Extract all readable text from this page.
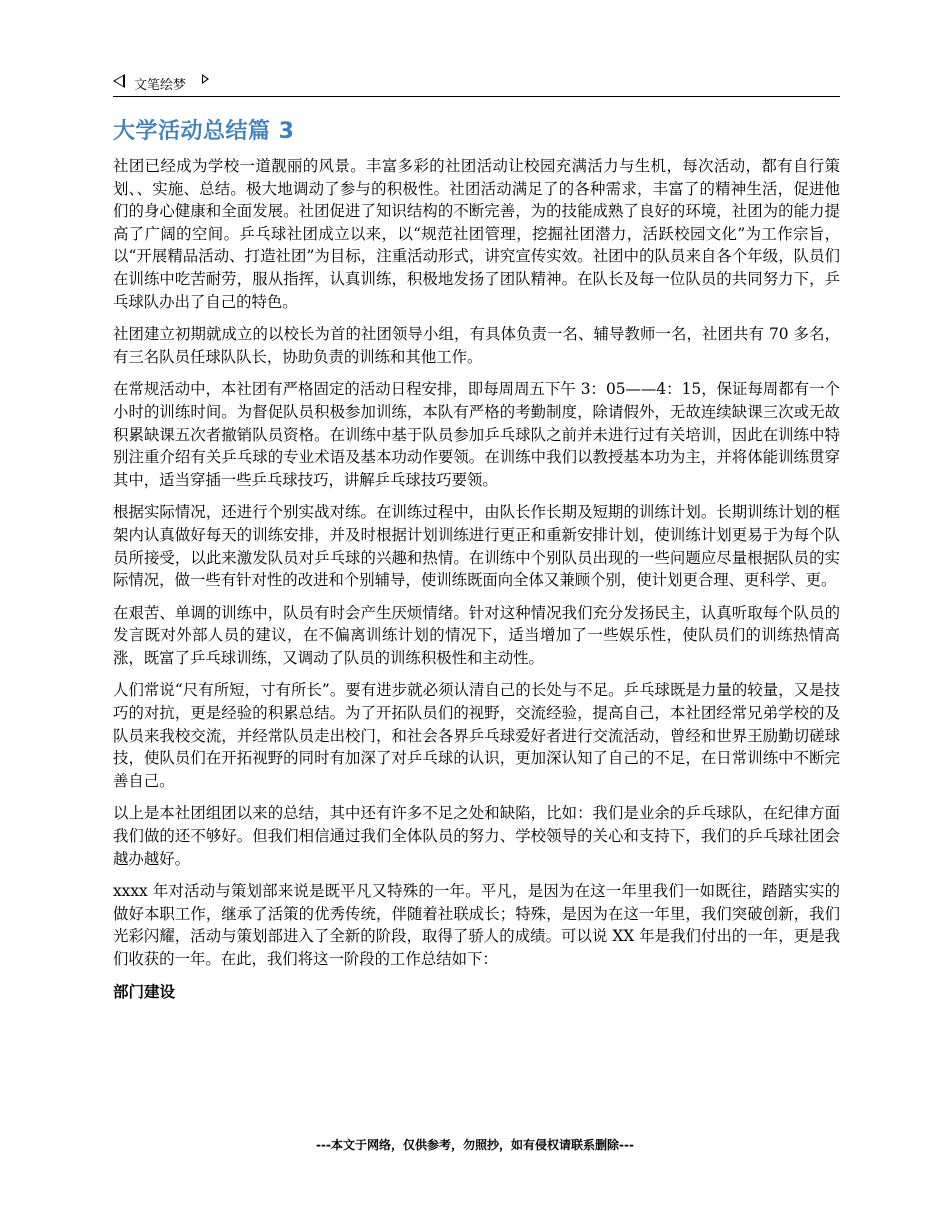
文笔绘梦
大学活动总结篇 3

社团已经成为学校一道靓丽的风景。丰富多彩的社团活动让校园充满活力与生机，每次活动，都有自行策划、、实施、总结。极大地调动了参与的积极性。社团活动满足了的各种需求，丰富了的精神生活，促进他们的身心健康和全面发展。社团促进了知识结构的不断完善，为的技能成熟了良好的环境，社团为的能力提高了广阔的空间。乒乓球社团成立以来，以“规范社团管理，挖掘社团潜力，活跃校园文化”为工作宗旨，以“开展精品活动、打造社团”为目标，注重活动形式，讲究宣传实效。社团中的队员来自各个年级，队员们在训练中吃苦耐劳，服从指挥，认真训练，积极地发扬了团队精神。在队长及每一位队员的共同努力下，乒乓球队办出了自己的特色。

社团建立初期就成立的以校长为首的社团领导小组，有具体负责一名、辅导教师一名，社团共有 70 多名，有三名队员任球队队长，协助负责的训练和其他工作。

在常规活动中，本社团有严格固定的活动日程安排，即每周周五下午 3：05——4：15，保证每周都有一个小时的训练时间。为督促队员积极参加训练，本队有严格的考勤制度，除请假外，无故连续缺课三次或无故积累缺课五次者撤销队员资格。在训练中基于队员参加乒乓球队之前并未进行过有关培训，因此在训练中特别注重介绍有关乒乓球的专业术语及基本功动作要领。在训练中我们以教授基本功为主，并将体能训练贯穿其中，适当穿插一些乒乓球技巧，讲解乒乓球技巧要领。

根据实际情况，还进行个别实战对练。在训练过程中，由队长作长期及短期的训练计划。长期训练计划的框架内认真做好每天的训练安排，并及时根据计划训练进行更正和重新安排计划，使训练计划更易于为每个队员所接受，以此来激发队员对乒乓球的兴趣和热情。在训练中个别队员出现的一些问题应尽量根据队员的实际情况，做一些有针对性的改进和个别辅导，使训练既面向全体又兼顾个别，使计划更合理、更科学、更。

在艰苦、单调的训练中，队员有时会产生厌烦情绪。针对这种情况我们充分发扬民主，认真听取每个队员的发言既对外部人员的建议，在不偏离训练计划的情况下，适当增加了一些娱乐性，使队员们的训练热情高涨，既富了乒乓球训练，又调动了队员的训练积极性和主动性。

人们常说“尺有所短，寸有所长”。要有进步就必须认清自己的长处与不足。乒乓球既是力量的较量，又是技巧的对抗，更是经验的积累总结。为了开拓队员们的视野，交流经验，提高自己，本社团经常兄弟学校的及队员来我校交流，并经常队员走出校门，和社会各界乒乓球爱好者进行交流活动，曾经和世界王励勤切磋球技，使队员们在开拓视野的同时有加深了对乒乓球的认识，更加深认知了自己的不足，在日常训练中不断完善自己。

以上是本社团组团以来的总结，其中还有许多不足之处和缺陷，比如：我们是业余的乒乓球队，在纪律方面我们做的还不够好。但我们相信通过我们全体队员的努力、学校领导的关心和支持下，我们的乒乓球社团会越办越好。

xxxx 年对活动与策划部来说是既平凡又特殊的一年。平凡，是因为在这一年里我们一如既往，踏踏实实的做好本职工作，继承了活策的优秀传统，伴随着社联成长；特殊，是因为在这一年里，我们突破创新，我们光彩闪耀，活动与策划部进入了全新的阶段，取得了骄人的成绩。可以说 XX 年是我们付出的一年，更是我们收获的一年。在此，我们将这一阶段的工作总结如下：

部门建设
---本文于网络，仅供参考，勿照抄，如有侵权请联系删除---
